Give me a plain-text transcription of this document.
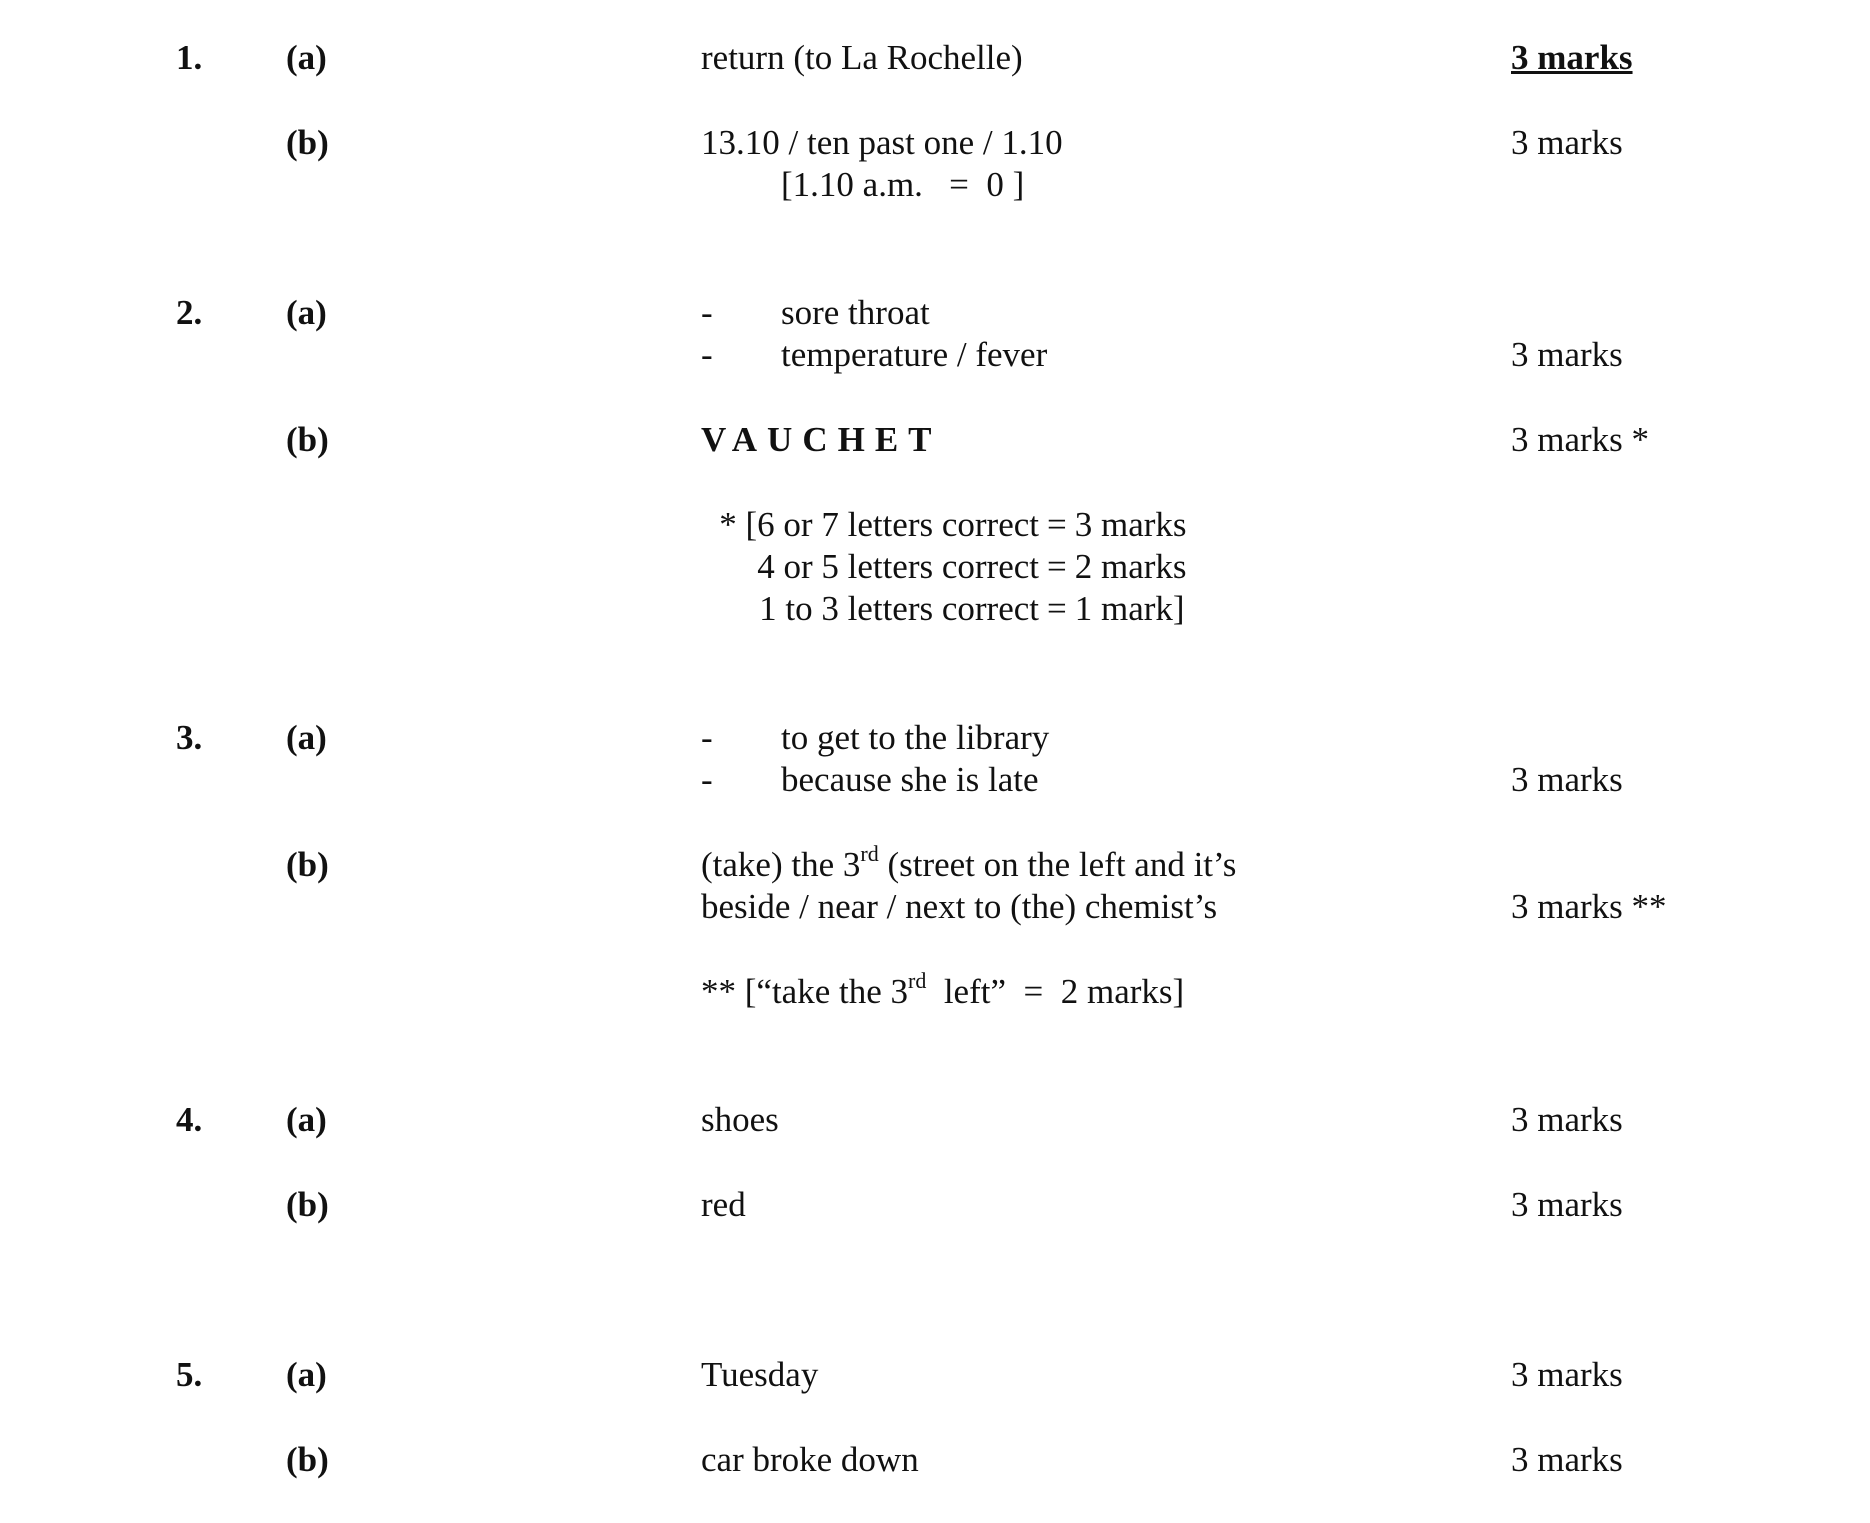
1. (a)	return (to La Rochelle)	3 marks
(b)	13.10 / ten past one / 1.10
[1.10 a.m.   =  0 ]
3 marks
2. (a)	- sore throat
- temperature / fever	3 marks
(b)	VAUCHET	3 marks *
* [6 or 7 letters correct = 3 marks
4 or 5 letters correct = 2 marks
1 to 3 letters correct = 1 mark]
3. (a)	- to get to the library
- because she is late	3 marks
(b)	(take) the 3rd (street on the left and it’s
beside / near / next to (the) chemist’s	3 marks **
** [“take the 3rd  left”  =  2 marks]
4. (a)	shoes	3 marks
(b)	red	3 marks
5. (a)	Tuesday	3 marks
(b)	car broke down	3 marks
